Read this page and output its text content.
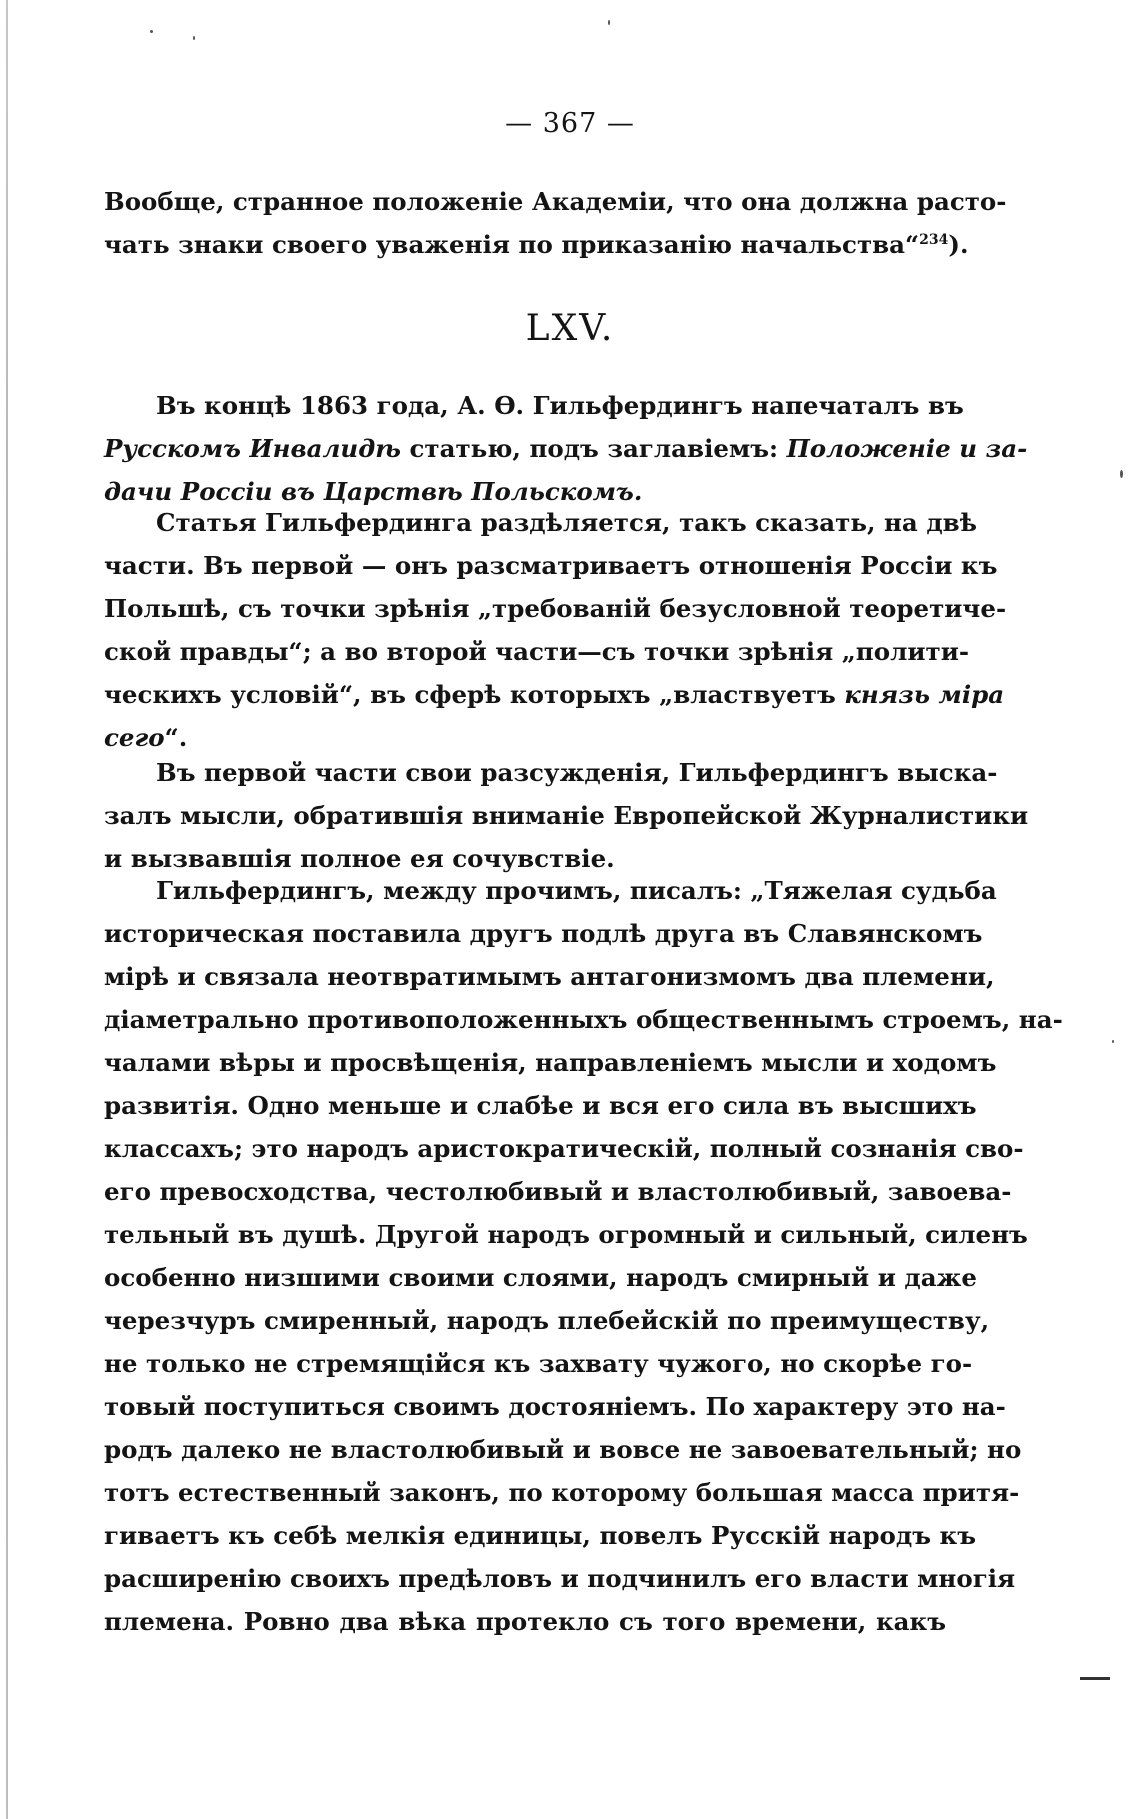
— 367 —
Вообще, странное положеніе Академіи, что она должна расто-
чать знаки своего уваженія по приказанію начальства“$^{234}$).
LXV.
Въ концѣ 1863 года, А. Ѳ. Гильфердингъ напечаталъ въ
Русскомъ Инвалидѣ статью, подъ заглавіемъ: Положеніе и за-
дачи Россіи въ Царствѣ Польскомъ.
Статья Гильфердинга раздѣляется, такъ сказать, на двѣ
части. Въ первой — онъ разсматриваетъ отношенія Россіи къ
Польшѣ, съ точки зрѣнія „требованій безусловной теоретиче-
ской правды“; а во второй части—съ точки зрѣнія „полити-
ческихъ условій“, въ сферѣ которыхъ „властвуетъ князь міра
сего“.
Въ первой части свои разсужденія, Гильфердингъ выска-
залъ мысли, обратившія вниманіе Европейской Журналистики
и вызвавшія полное ея сочувствіе.
Гильфердингъ, между прочимъ, писалъ: „Тяжелая судьба
историческая поставила другъ подлѣ друга въ Славянскомъ
мірѣ и связала неотвратимымъ антагонизмомъ два племени,
діаметрально противоположенныхъ общественнымъ строемъ, на-
чалами вѣры и просвѣщенія, направленіемъ мысли и ходомъ
развитія. Одно меньше и слабѣе и вся его сила въ высшихъ
классахъ; это народъ аристократическій, полный сознанія сво-
его превосходства, честолюбивый и властолюбивый, завоева-
тельный въ душѣ. Другой народъ огромный и сильный, силенъ
особенно низшими своими слоями, народъ смирный и даже
черезчуръ смиренный, народъ плебейскій по преимуществу,
не только не стремящійся къ захвату чужого, но скорѣе го-
товый поступиться своимъ достояніемъ. По характеру это на-
родъ далеко не властолюбивый и вовсе не завоевательный; но
тотъ естественный законъ, по которому большая масса притя-
гиваетъ къ себѣ мелкія единицы, повелъ Русскій народъ къ
расширенію своихъ предѣловъ и подчинилъ его власти многія
племена. Ровно два вѣка протекло съ того времени, какъ
